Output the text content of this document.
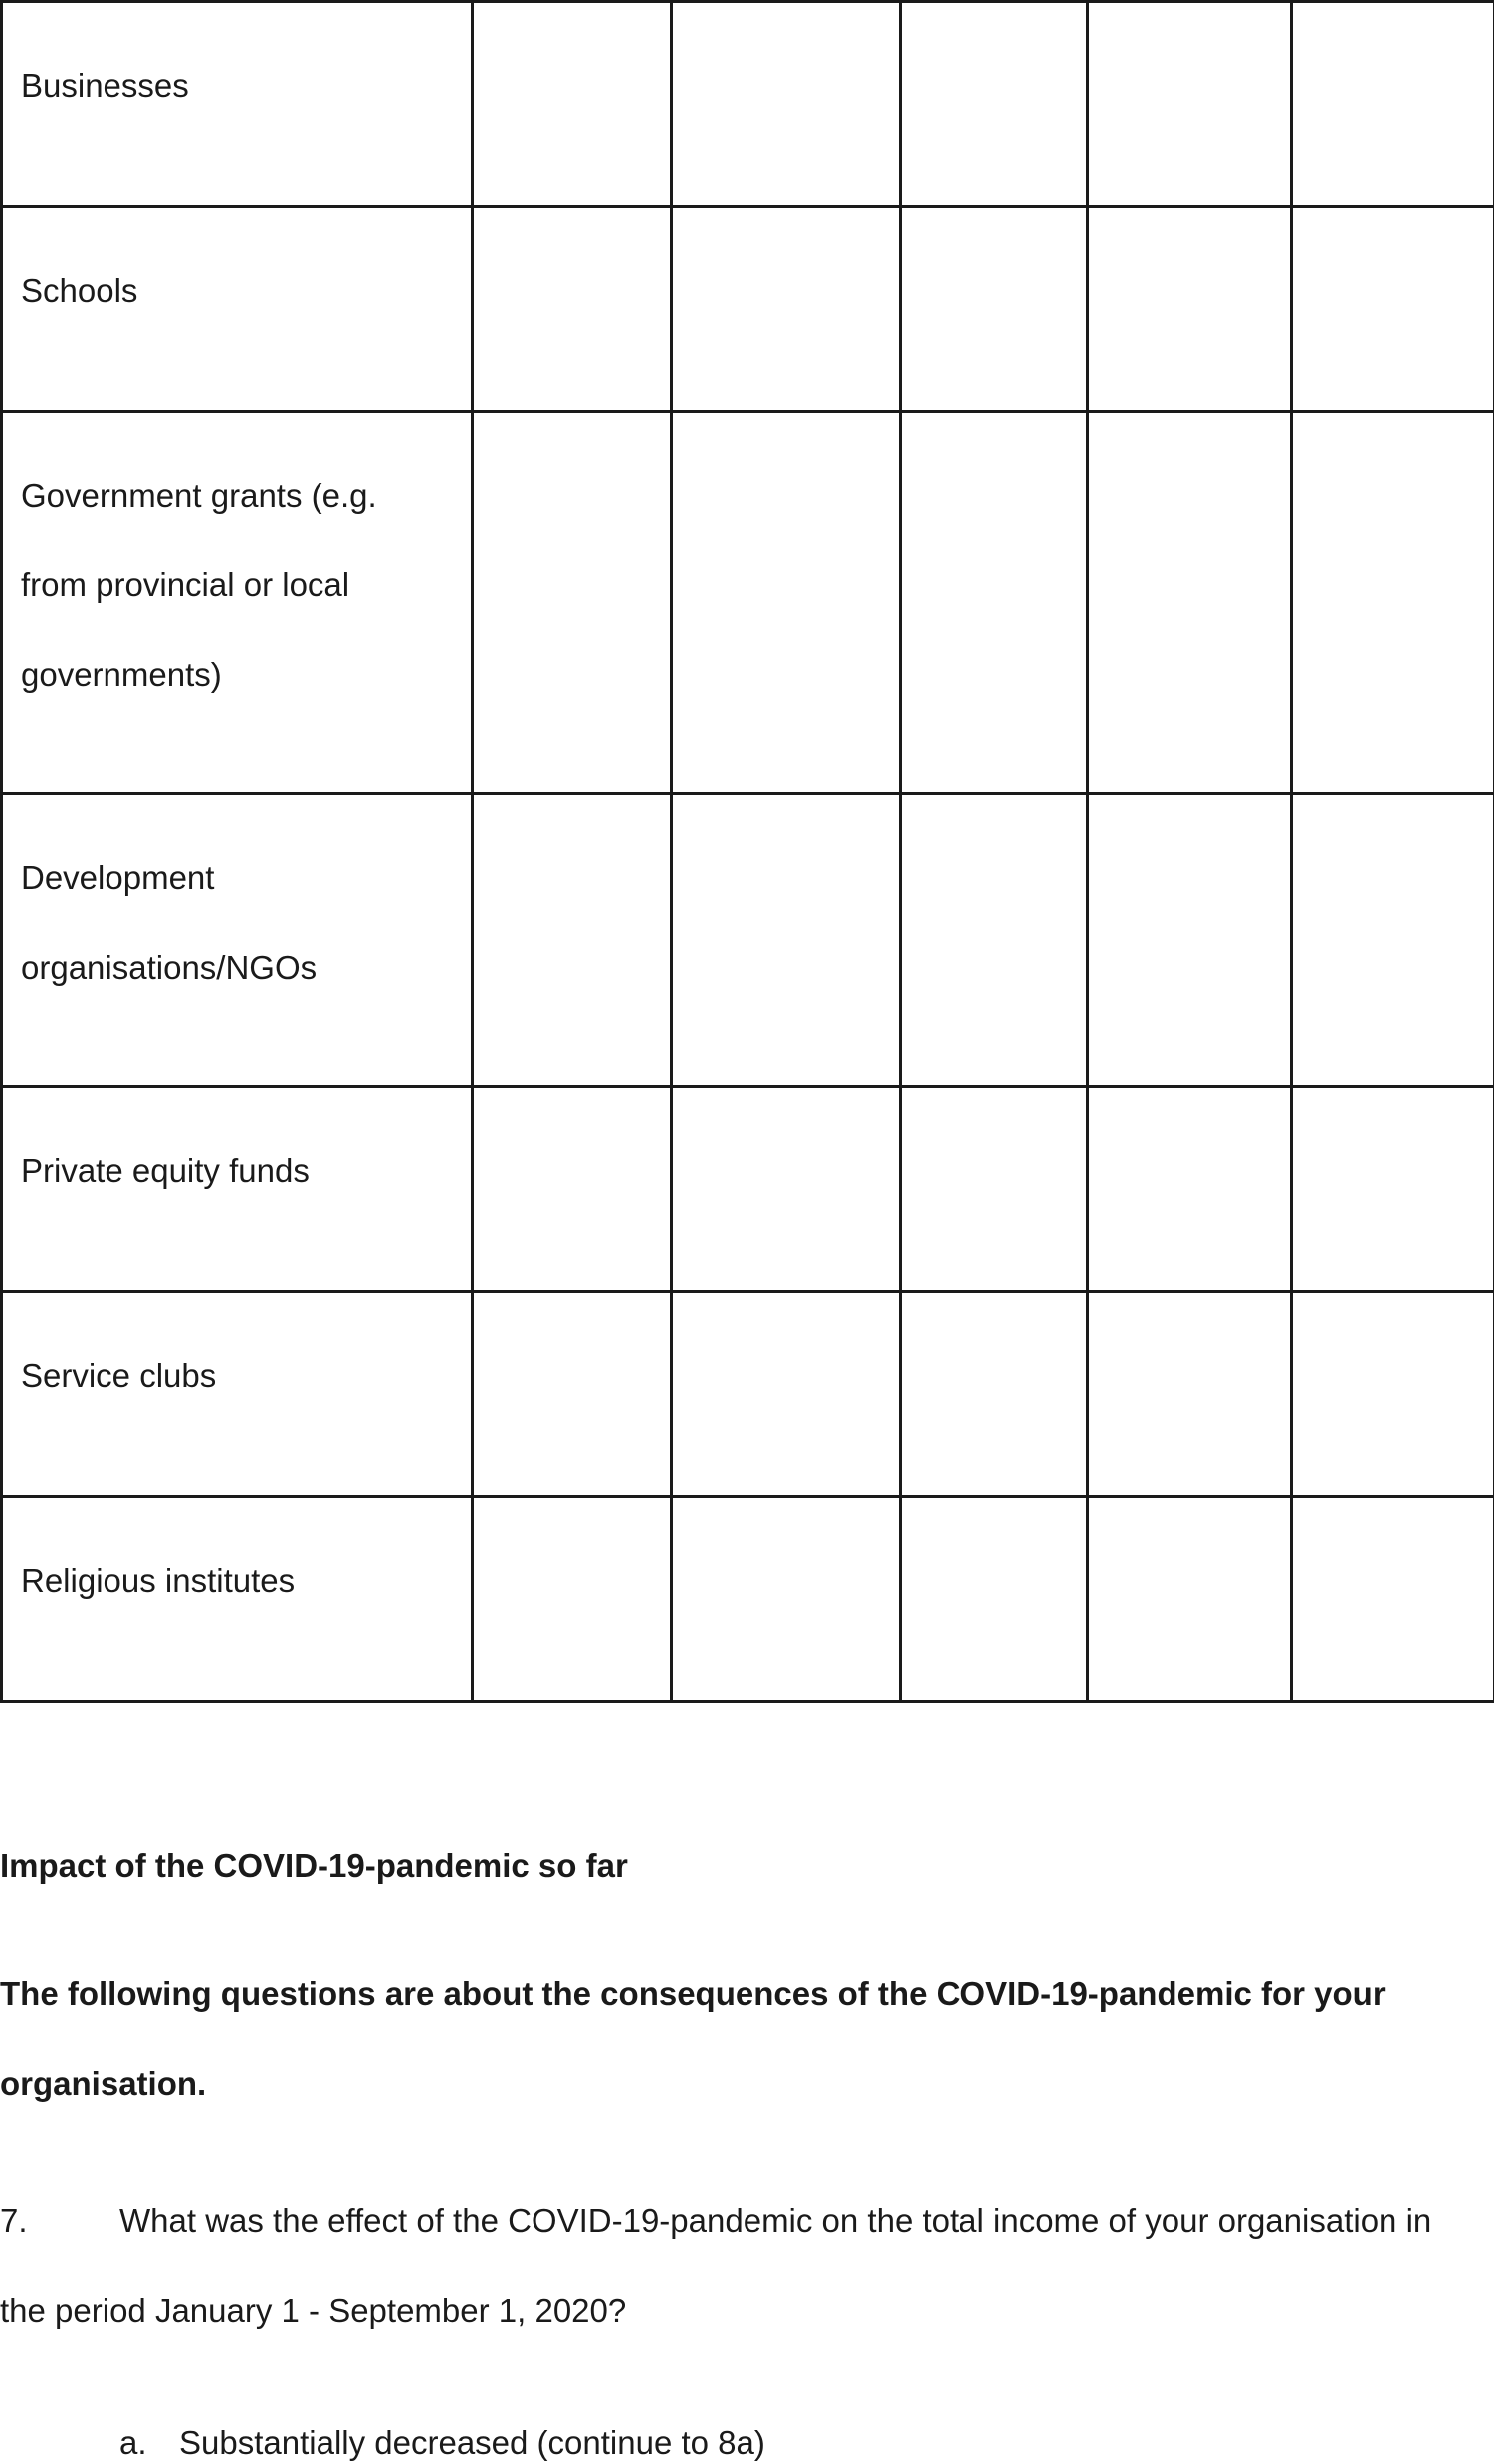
Businesses					

Schools					

Government grants (e.g.
from provincial or local
governments)					

Development
organisations/NGOs					

Private equity funds					

Service clubs					

Religious institutes					

Impact of the COVID-19-pandemic so far
The following questions are about the consequences of the COVID-19-pandemic for your
organisation.
7.	What was the effect of the COVID-19-pandemic on the total income of your organisation in
the period January 1 - September 1, 2020?
a. Substantially decreased (continue to 8a)
